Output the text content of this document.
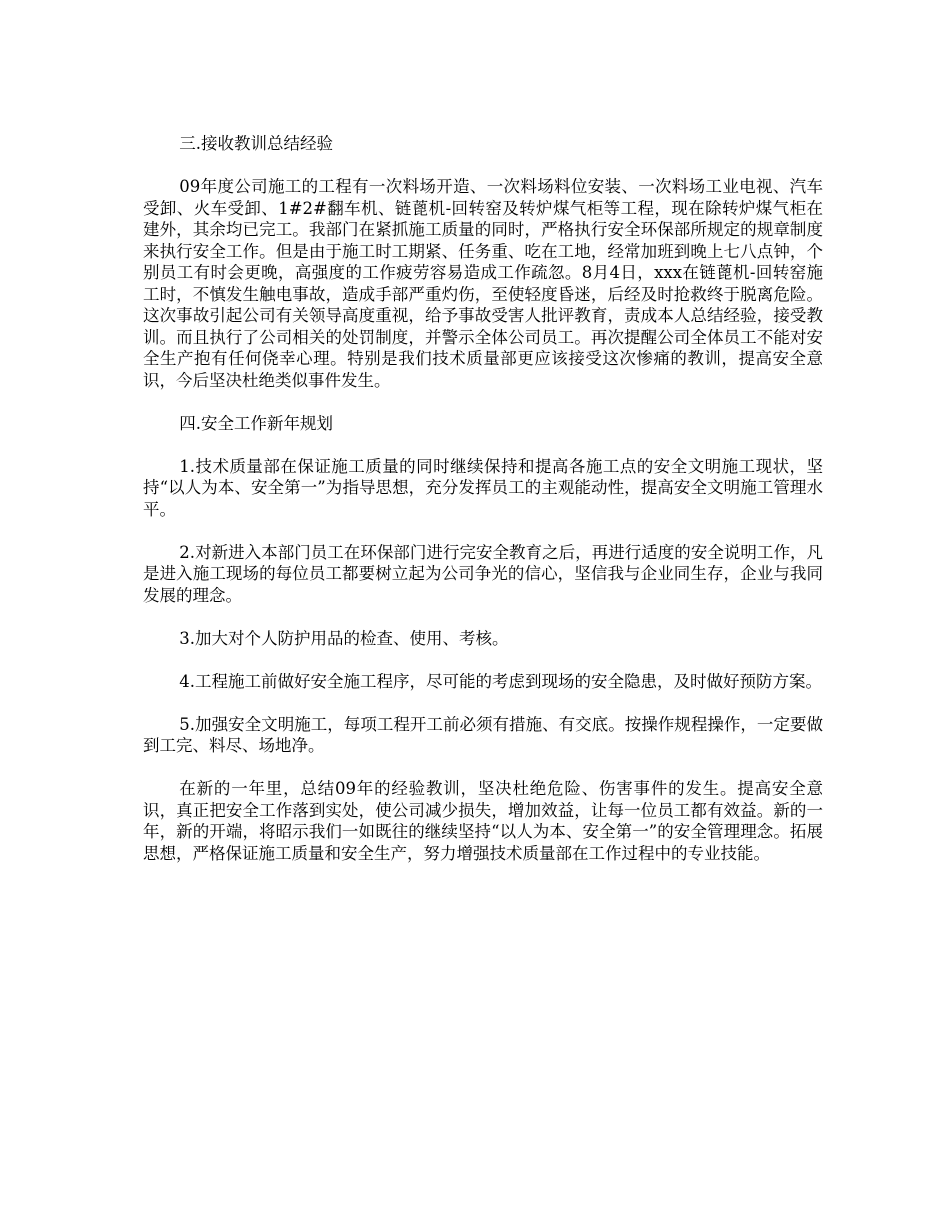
三.接收教训总结经验

09年度公司施工的工程有一次料场开造、一次料场料位安装、一次料场工业电视、汽车受卸、火车受卸、1#2#翻车机、链蓖机-回转窑及转炉煤气柜等工程，现在除转炉煤气柜在建外，其余均已完工。我部门在紧抓施工质量的同时，严格执行安全环保部所规定的规章制度来执行安全工作。但是由于施工时工期紧、任务重、吃在工地，经常加班到晚上七八点钟，个别员工有时会更晚，高强度的工作疲劳容易造成工作疏忽。8月4日，xxx在链蓖机-回转窑施工时，不慎发生触电事故，造成手部严重灼伤，至使轻度昏迷，后经及时抢救终于脱离危险。这次事故引起公司有关领导高度重视，给予事故受害人批评教育，责成本人总结经验，接受教训。而且执行了公司相关的处罚制度，并警示全体公司员工。再次提醒公司全体员工不能对安全生产抱有任何侥幸心理。特别是我们技术质量部更应该接受这次惨痛的教训，提高安全意识，今后坚决杜绝类似事件发生。

四.安全工作新年规划

1.技术质量部在保证施工质量的同时继续保持和提高各施工点的安全文明施工现状，坚持“以人为本、安全第一”为指导思想，充分发挥员工的主观能动性，提高安全文明施工管理水平。

2.对新进入本部门员工在环保部门进行完安全教育之后，再进行适度的安全说明工作，凡是进入施工现场的每位员工都要树立起为公司争光的信心，坚信我与企业同生存，企业与我同发展的理念。

3.加大对个人防护用品的检查、使用、考核。

4.工程施工前做好安全施工程序，尽可能的考虑到现场的安全隐患，及时做好预防方案。

5.加强安全文明施工，每项工程开工前必须有措施、有交底。按操作规程操作，一定要做到工完、料尽、场地净。

在新的一年里，总结09年的经验教训，坚决杜绝危险、伤害事件的发生。提高安全意识，真正把安全工作落到实处，使公司减少损失，增加效益，让每一位员工都有效益。新的一年，新的开端，将昭示我们一如既往的继续坚持“以人为本、安全第一”的安全管理理念。拓展思想，严格保证施工质量和安全生产，努力增强技术质量部在工作过程中的专业技能。
